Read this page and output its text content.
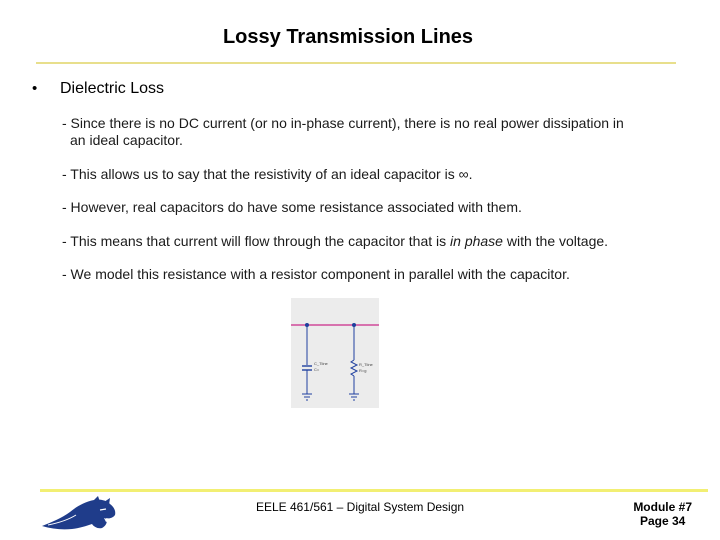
Lossy Transmission Lines
• Dielectric Loss
- Since there is no DC current (or no in-phase current), there is no real power dissipation in
an ideal capacitor.
- This allows us to say that the resistivity of an ideal capacitor is ∞.
- However, real capacitors do have some resistance associated with them.
- This means that current will flow through the capacitor that is in phase with the voltage.
- We model this resistance with a resistor component in parallel with the capacitor.
C_Tline
C=
R_Tline
R=g
EELE 461/561 – Digital System Design	Module #7
Page 34
